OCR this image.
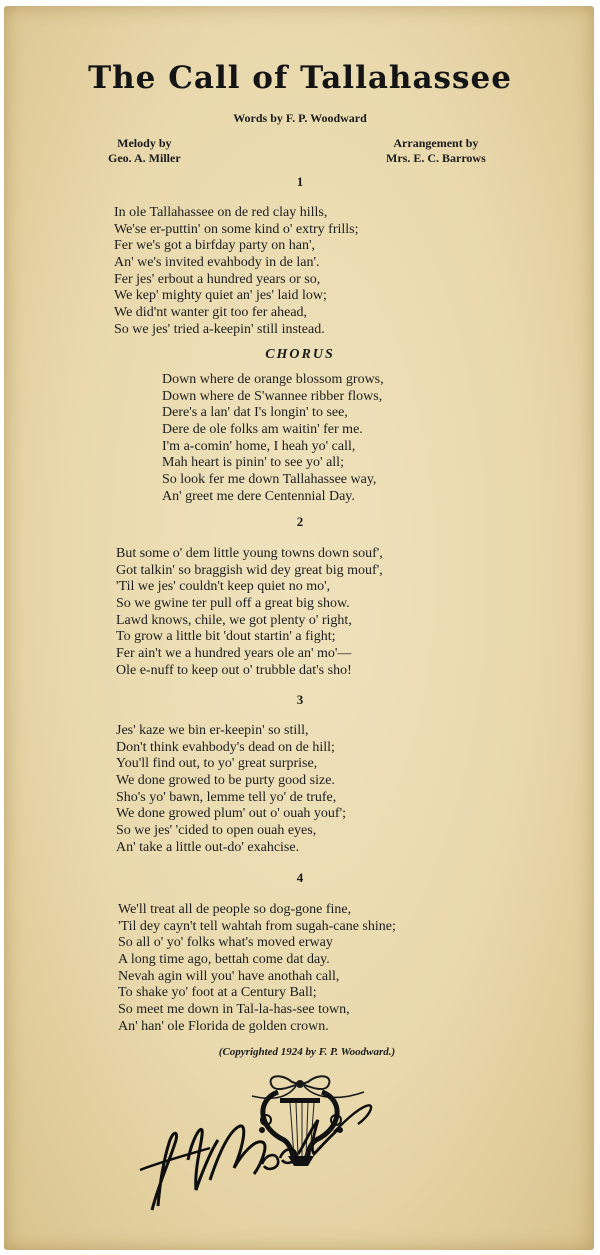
The Call of Tallahassee
Words by F. P. Woodward
Melody by
Geo. A. Miller
Arrangement by
Mrs. E. C. Barrows
1
In ole Tallahassee on de red clay hills,
We'se er-puttin' on some kind o' extry frills;
Fer we's got a birfday party on han',
An' we's invited evahbody in de lan'.
Fer jes' erbout a hundred years or so,
We kep' mighty quiet an' jes' laid low;
We did'nt wanter git too fer ahead,
So we jes' tried a-keepin' still instead.
CHORUS
Down where de orange blossom grows,
Down where de S'wannee ribber flows,
Dere's a lan' dat I's longin' to see,
Dere de ole folks am waitin' fer me.
I'm a-comin' home, I heah yo' call,
Mah heart is pinin' to see yo' all;
So look fer me down Tallahassee way,
An' greet me dere Centennial Day.
2
But some o' dem little young towns down souf',
Got talkin' so braggish wid dey great big mouf',
'Til we jes' couldn't keep quiet no mo',
So we gwine ter pull off a great big show.
Lawd knows, chile, we got plenty o' right,
To grow a little bit 'dout startin' a fight;
Fer ain't we a hundred years ole an' mo'—
Ole e-nuff to keep out o' trubble dat's sho!
3
Jes' kaze we bin er-keepin' so still,
Don't think evahbody's dead on de hill;
You'll find out, to yo' great surprise,
We done growed to be purty good size.
Sho's yo' bawn, lemme tell yo' de trufe,
We done growed plum' out o' ouah youf';
So we jes' 'cided to open ouah eyes,
An' take a little out-do' exahcise.
4
We'll treat all de people so dog-gone fine,
'Til dey cayn't tell wahtah from sugah-cane shine;
So all o' yo' folks what's moved erway
A long time ago, bettah come dat day.
Nevah agin will you' have anothah call,
To shake yo' foot at a Century Ball;
So meet me down in Tal-la-has-see town,
An' han' ole Florida de golden crown.
(Copyrighted 1924 by F. P. Woodward.)
